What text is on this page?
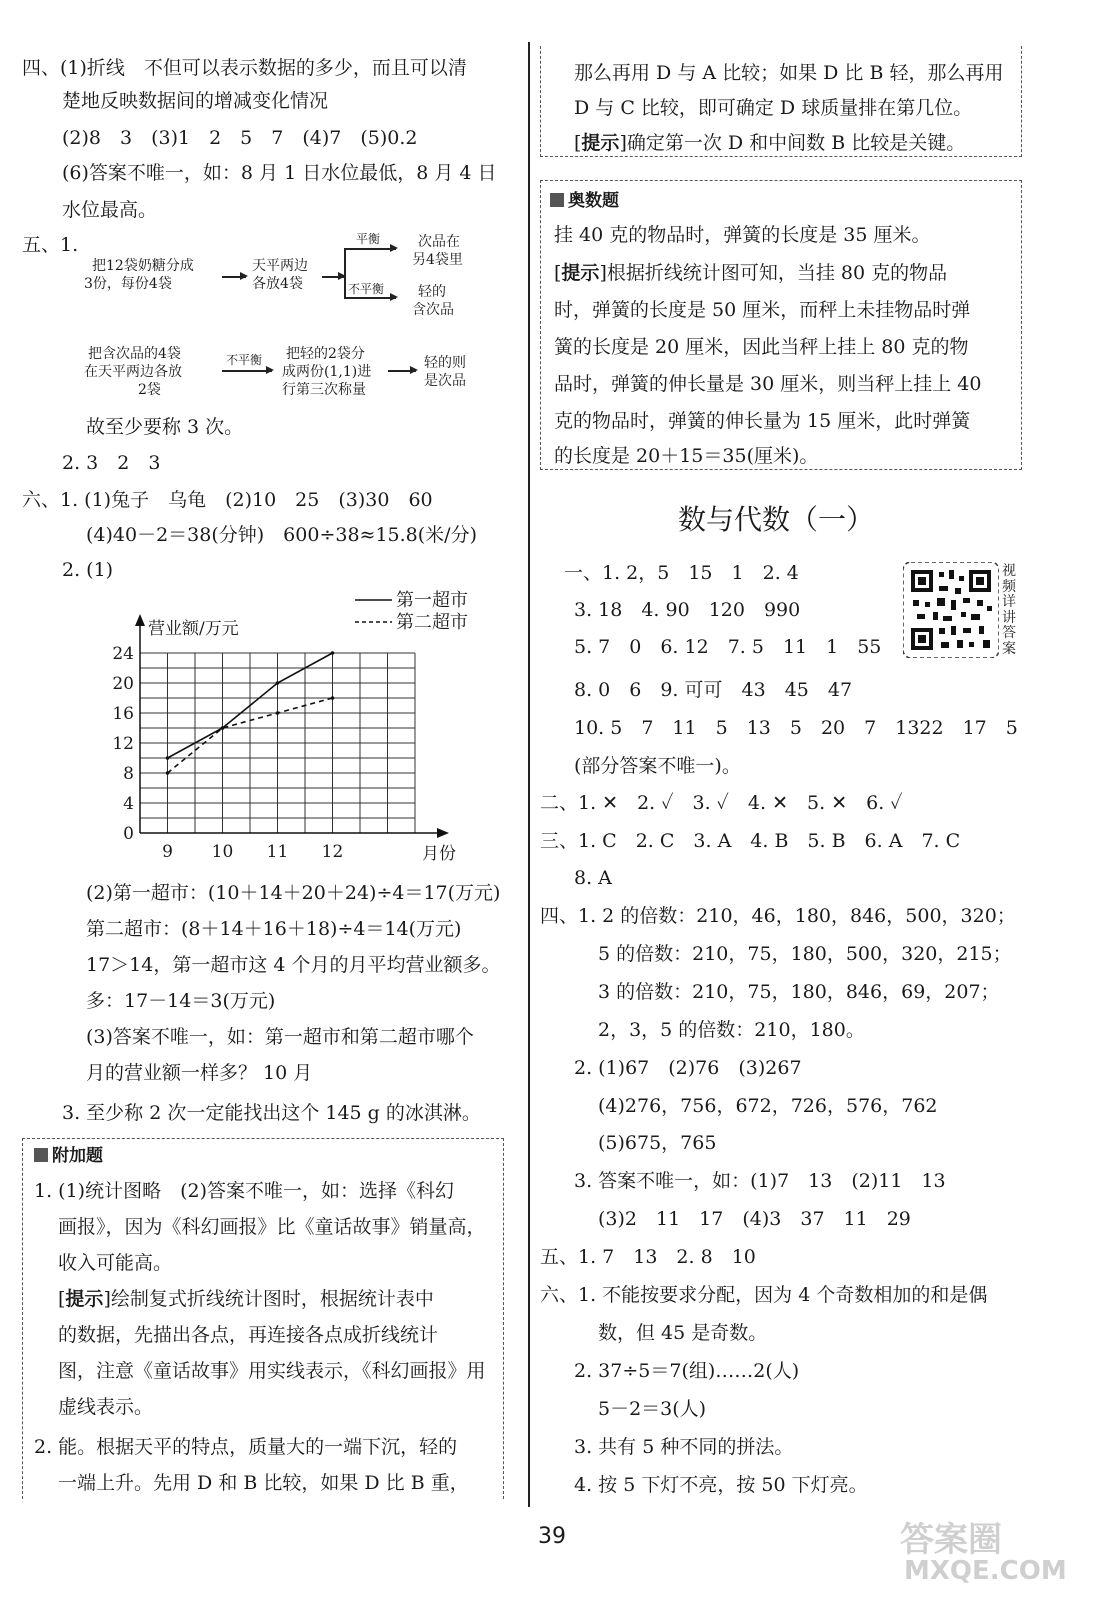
四、(1)折线　不但可以表示数据的多少，而且可以清
楚地反映数据间的增减变化情况
(2)8　3　(3)1　2　5　7　(4)7　(5)0.2
(6)答案不唯一，如：8 月 1 日水位最低，8 月 4 日
水位最高。
五、1.
把12袋奶糖分成
3份，每份4袋
天平两边
各放4袋
平衡
不平衡
次品在
另4袋里
轻的
含次品
把含次品的4袋
在天平两边各放
2袋
不平衡 把轻的2袋分
成两份(1,1)进
行第三次称量
轻的则
是次品
故至少要称 3 次。
2. 3　2　3
六、1. (1)兔子　乌龟　(2)10　25　(3)30　60
(4)40－2＝38(分钟)　600÷38≈15.8(米/分)
2. (1)
0
4
8
12
16
20
24
9 10 11 12
第一超市
第二超市
营业额/万元
月份
(2)第一超市：(10＋14＋20＋24)÷4＝17(万元)
第二超市：(8＋14＋16＋18)÷4＝14(万元)
17＞14，第一超市这 4 个月的月平均营业额多。
多：17－14＝3(万元)
(3)答案不唯一，如：第一超市和第二超市哪个
月的营业额一样多？ 10 月
3. 至少称 2 次一定能找出这个 145 g 的冰淇淋。
附加题
1. (1)统计图略　(2)答案不唯一，如：选择《科幻
画报》，因为《科幻画报》比《童话故事》销量高，
收入可能高。
[提示]绘制复式折线统计图时，根据统计表中
的数据，先描出各点，再连接各点成折线统计
图，注意《童话故事》用实线表示，《科幻画报》用
虚线表示。
2. 能。根据天平的特点，质量大的一端下沉，轻的
一端上升。先用 D 和 B 比较，如果 D 比 B 重，
那么再用 D 与 A 比较；如果 D 比 B 轻，那么再用
D 与 C 比较，即可确定 D 球质量排在第几位。
[提示]确定第一次 D 和中间数 B 比较是关键。
奥数题
挂 40 克的物品时，弹簧的长度是 35 厘米。
[提示]根据折线统计图可知，当挂 80 克的物品
时，弹簧的长度是 50 厘米，而秤上未挂物品时弹
簧的长度是 20 厘米，因此当秤上挂上 80 克的物
品时，弹簧的伸长量是 30 厘米，则当秤上挂上 40
克的物品时，弹簧的伸长量为 15 厘米，此时弹簧
的长度是 20＋15＝35(厘米)。
数与代数（一）
视频详讲答案
一、1. 2，5　15　1　2. 4
3. 18　4. 90　120　990
5. 7　0　6. 12　7. 5　11　1　55
8. 0　6　9. 可可　43　45　47
10. 5　7　11　5　13　5　20　7　1322　17　5
(部分答案不唯一)。
二、1. ✕　2. ✓　3. ✓　4. ✕　5. ✕　6. ✓
三、1. C　2. C　3. A　4. B　5. B　6. A　7. C
8. A
四、1. 2 的倍数：210，46，180，846，500，320；
5 的倍数：210，75，180，500，320，215；
3 的倍数：210，75，180，846，69，207；
2，3，5 的倍数：210，180。
2. (1)67　(2)76　(3)267
(4)276，756，672，726，576，762
(5)675，765
3. 答案不唯一，如：(1)7　13　(2)11　13
(3)2　11　17　(4)3　37　11　29
五、1. 7　13　2. 8　10
六、1. 不能按要求分配，因为 4 个奇数相加的和是偶
数，但 45 是奇数。
2. 37÷5＝7(组)……2(人)
5－2＝3(人)
3. 共有 5 种不同的拼法。
4. 按 5 下灯不亮，按 50 下灯亮。
39	答案圈
MXQE.COM
